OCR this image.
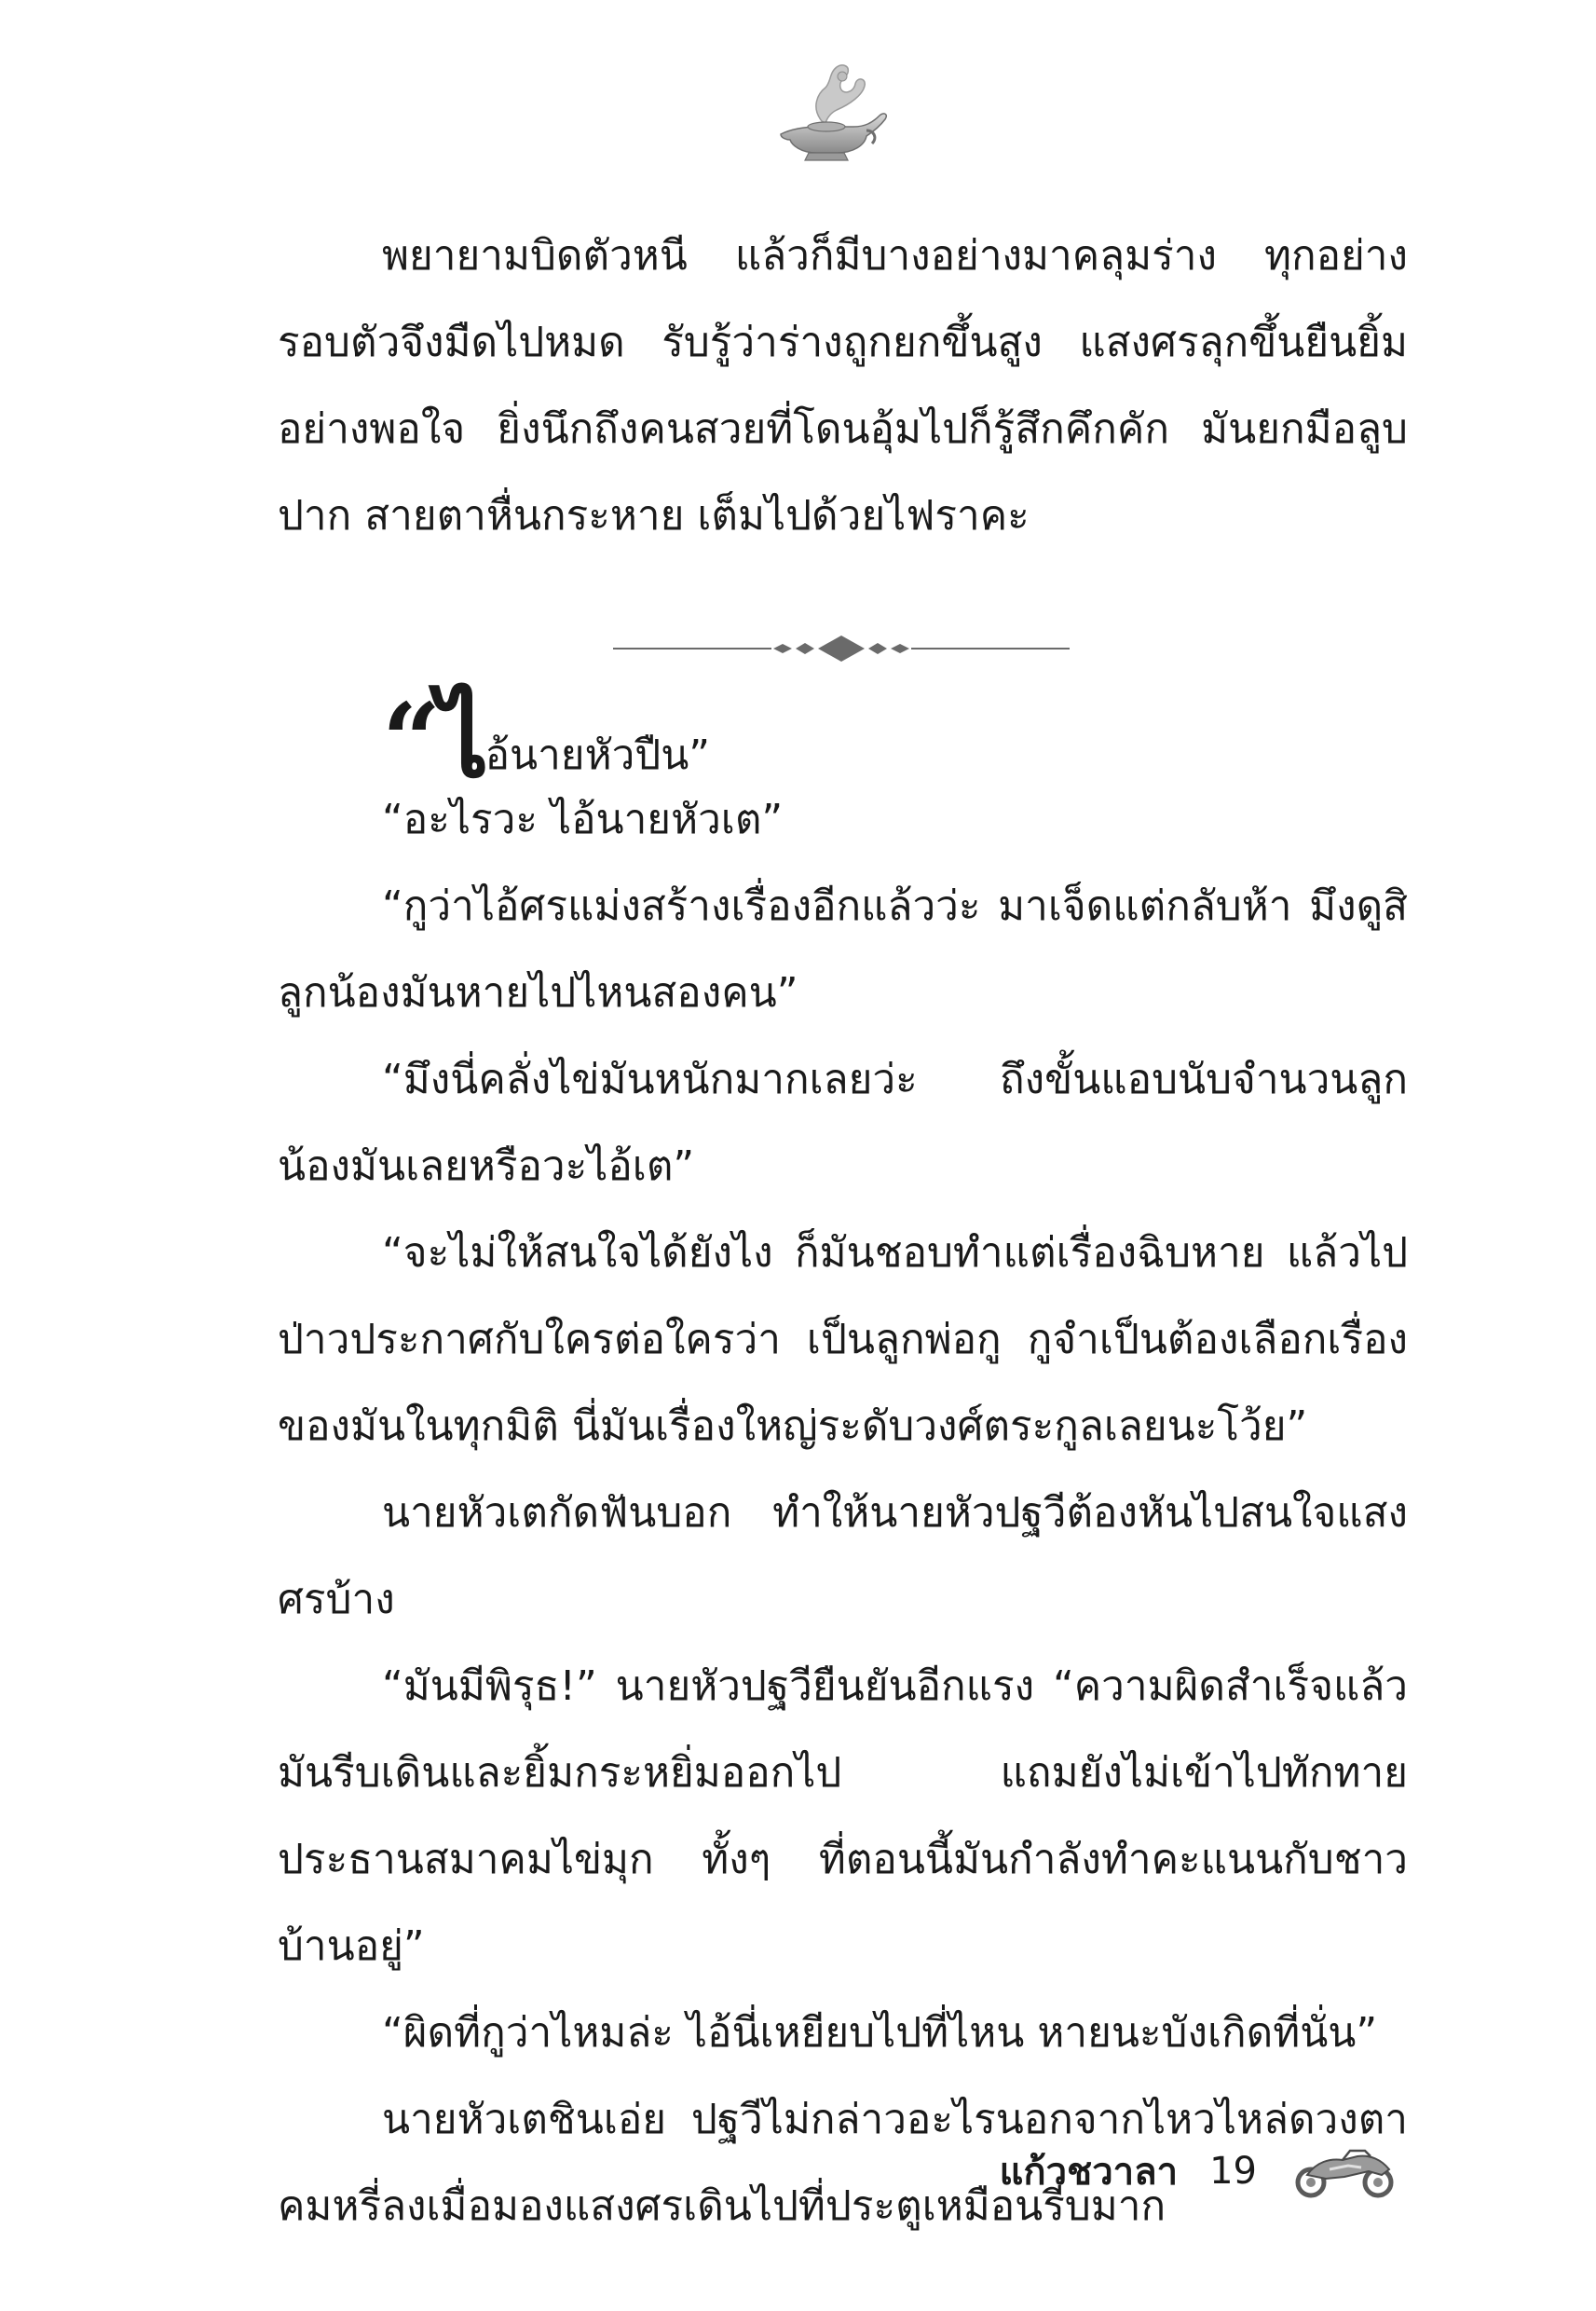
พยายามบิดตัวหนี แล้วก็มีบางอย่างมาคลุมร่าง ทุกอย่างรอบตัวจึงมืดไปหมด รับรู้ว่าร่างถูกยกขึ้นสูง แสงศรลุกขึ้นยืนยิ้มอย่างพอใจ ยิ่งนึกถึงคนสวยที่โดนอุ้มไปก็รู้สึกคึกคัก มันยกมือลูบปาก สายตาหื่นกระหาย เต็มไปด้วยไฟราคะ

“ไอ้นายหัวปืน”

“อะไรวะ ไอ้นายหัวเต”

“กูว่าไอ้ศรแม่งสร้างเรื่องอีกแล้วว่ะ มาเจ็ดแต่กลับห้า มึงดูสิลูกน้องมันหายไปไหนสองคน”

“มึงนี่คลั่งไข่มันหนักมากเลยว่ะ ถึงขั้นแอบนับจำนวนลูกน้องมันเลยหรือวะไอ้เต”

“จะไม่ให้สนใจได้ยังไง ก็มันชอบทำแต่เรื่องฉิบหาย แล้วไปป่าวประกาศกับใครต่อใครว่า เป็นลูกพ่อกู กูจำเป็นต้องเลือกเรื่องของมันในทุกมิติ นี่มันเรื่องใหญ่ระดับวงศ์ตระกูลเลยนะโว้ย”

นายหัวเตกัดฟันบอก ทำให้นายหัวปฐวีต้องหันไปสนใจแสงศรบ้าง

“มันมีพิรุธ!” นายหัวปฐวียืนยันอีกแรง “ความผิดสำเร็จแล้วมันรีบเดินและยิ้มกระหยิ่มออกไป แถมยังไม่เข้าไปทักทายประธานสมาคมไข่มุก ทั้งๆ ที่ตอนนี้มันกำลังทำคะแนนกับชาวบ้านอยู่”

“ผิดที่กูว่าไหมล่ะ ไอ้นี่เหยียบไปที่ไหน หายนะบังเกิดที่นั่น”

นายหัวเตชินเอ่ย ปฐวีไม่กล่าวอะไรนอกจากไหวไหล่ดวงตาคมหรี่ลงเมื่อมองแสงศรเดินไปที่ประตูเหมือนรีบมาก

แก้วชวาลา 19
